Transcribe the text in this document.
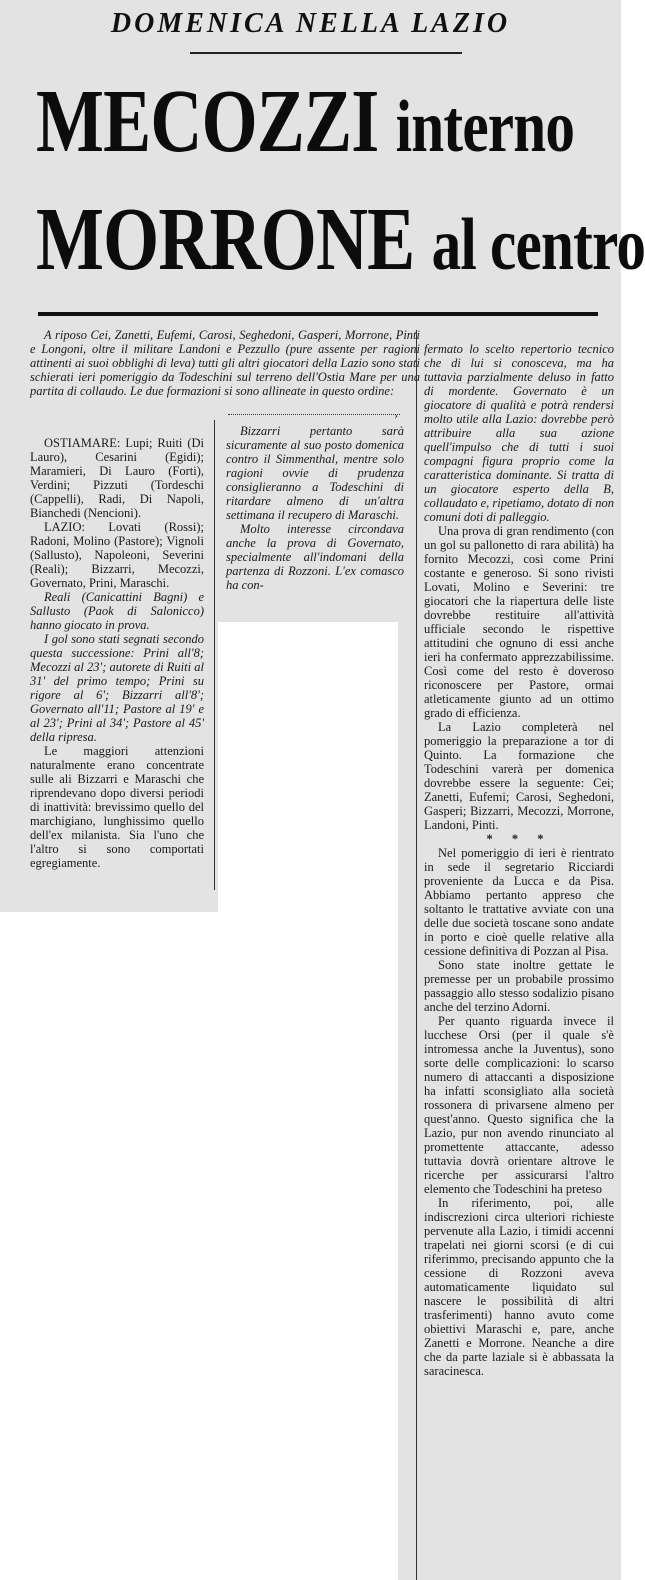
DOMENICA NELLA LAZIO
MECOZZI interno
MORRONE al centro

A riposo Cei, Zanetti, Eufemi, Carosi, Seghedoni, Gasperi, Morrone, Pinti e Longoni, oltre il militare Landoni e Pezzullo (pure assente per ragioni attinenti ai suoi obblighi di leva) tutti gli altri giocatori della Lazio sono stati schierati ieri pomeriggio da Todeschini sul terreno dell'Ostia Mare per una partita di collaudo. Le due formazioni si sono allineate in questo ordine:

OSTIAMARE: Lupi; Ruiti (Di Lauro), Cesarini (Egidi); Maramieri, Di Lauro (Forti), Verdini; Pizzuti (Tordeschi (Cappelli), Radi, Di Napoli, Bianchedi (Nencioni).

LAZIO: Lovati (Rossi); Radoni, Molino (Pastore); Vignoli (Sallusto), Napoleoni, Severini (Reali); Bizzarri, Mecozzi, Governato, Prini, Maraschi.

Reali (Canicattini Bagni) e Sallusto (Paok di Salonicco) hanno giocato in prova.

I gol sono stati segnati secondo questa successione: Prini all'8; Mecozzi al 23'; autorete di Ruiti al 31' del primo tempo; Prini su rigore al 6'; Bizzarri all'8'; Governato all'11; Pastore al 19' e al 23'; Prini al 34'; Pastore al 45' della ripresa.

Le maggiori attenzioni naturalmente erano concentrate sulle ali Bizzarri e Maraschi che riprendevano dopo diversi periodi di inattività: brevissimo quello del marchigiano, lunghissimo quello dell'ex milanista. Sia l'uno che l'altro si sono comportati egregiamente.

›

Bizzarri pertanto sarà sicuramente al suo posto domenica contro il Simmenthal, mentre solo ragioni ovvie di prudenza consiglieranno a Todeschini di ritardare almeno di un'altra settimana il recupero di Maraschi.

Molto interesse circondava anche la prova di Governato, specialmente all'indomani della partenza di Rozzoni. L'ex comasco ha con-

fermato lo scelto repertorio tecnico che di lui si conosceva, ma ha tuttavia parzialmente deluso in fatto di mordente. Governato è un giocatore di qualità e potrà rendersi molto utile alla Lazio: dovrebbe però attribuire alla sua azione quell'impulso che di tutti i suoi compagni figura proprio come la caratteristica dominante. Si tratta di un giocatore esperto della B, collaudato e, ripetiamo, dotato di non comuni doti di palleggio.

Una prova di gran rendimento (con un gol su pallonetto di rara abilità) ha fornito Mecozzi, così come Prini costante e generoso. Si sono rivisti Lovati, Molino e Severini: tre giocatori che la riapertura delle liste dovrebbe restituire all'attività ufficiale secondo le rispettive attitudini che ognuno di essi anche ieri ha confermato apprezzabilissime. Così come del resto è doveroso riconoscere per Pastore, ormai atleticamente giunto ad un ottimo grado di efficienza.

La Lazio completerà nel pomeriggio la preparazione a tor di Quinto. La formazione che Todeschini varerà per domenica dovrebbe essere la seguente: Cei; Zanetti, Eufemi; Carosi, Seghedoni, Gasperi; Bizzarri, Mecozzi, Morrone, Landoni, Pinti.

* * *

Nel pomeriggio di ieri è rientrato in sede il segretario Ricciardi proveniente da Lucca e da Pisa. Abbiamo pertanto appreso che soltanto le trattative avviate con una delle due società toscane sono andate in porto e cioè quelle relative alla cessione definitiva di Pozzan al Pisa.

Sono state inoltre gettate le premesse per un probabile prossimo passaggio allo stesso sodalizio pisano anche del terzino Adorni.

Per quanto riguarda invece il lucchese Orsi (per il quale s'è intromessa anche la Juventus), sono sorte delle complicazioni: lo scarso numero di attaccanti a disposizione ha infatti sconsigliato alla società rossonera di privarsene almeno per quest'anno. Questo significa che la Lazio, pur non avendo rinunciato al promettente attaccante, adesso tuttavia dovrà orientare altrove le ricerche per assicurarsi l'altro elemento che Todeschini ha preteso

In riferimento, poi, alle indiscrezioni circa ulteriori richieste pervenute alla Lazio, i timidi accenni trapelati nei giorni scorsi (e di cui riferimmo, precisando appunto che la cessione di Rozzoni aveva automaticamente liquidato sul nascere le possibilità di altri trasferimenti) hanno avuto come obiettivi Maraschi e, pare, anche Zanetti e Morrone. Neanche a dire che da parte laziale si è abbassata la saracinesca.
